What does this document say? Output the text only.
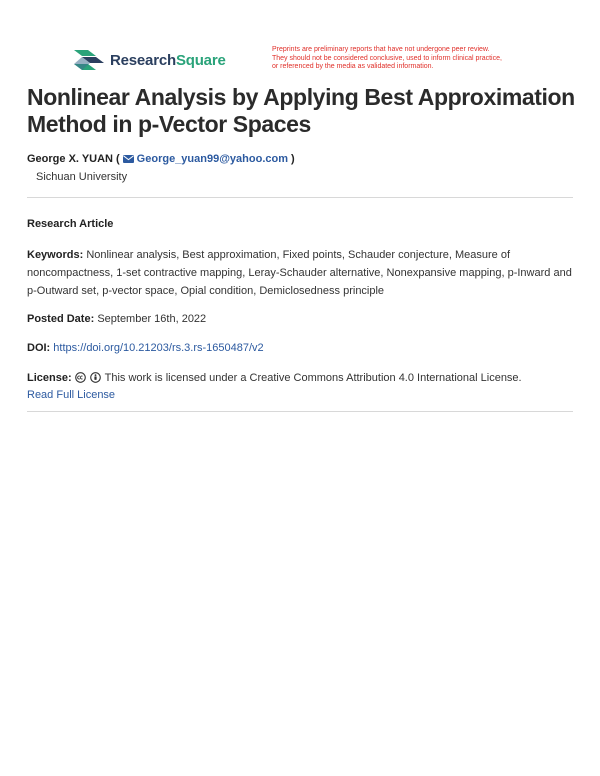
ResearchSquare
Preprints are preliminary reports that have not undergone peer review.
They should not be considered conclusive, used to inform clinical practice,
or referenced by the media as validated information.
Nonlinear Analysis by Applying Best Approximation Method in p-Vector Spaces
George X. YUAN ( George_yuan99@yahoo.com )
Sichuan University
Research Article
Keywords: Nonlinear analysis, Best approximation, Fixed points, Schauder conjecture, Measure of noncompactness, 1-set contractive mapping, Leray-Schauder alternative, Nonexpansive mapping, p-Inward and p-Outward set, p-vector space, Opial condition, Demiclosedness principle
Posted Date: September 16th, 2022
DOI: https://doi.org/10.21203/rs.3.rs-1650487/v2
License:	This work is licensed under a Creative Commons Attribution 4.0 International License.
Read Full License
